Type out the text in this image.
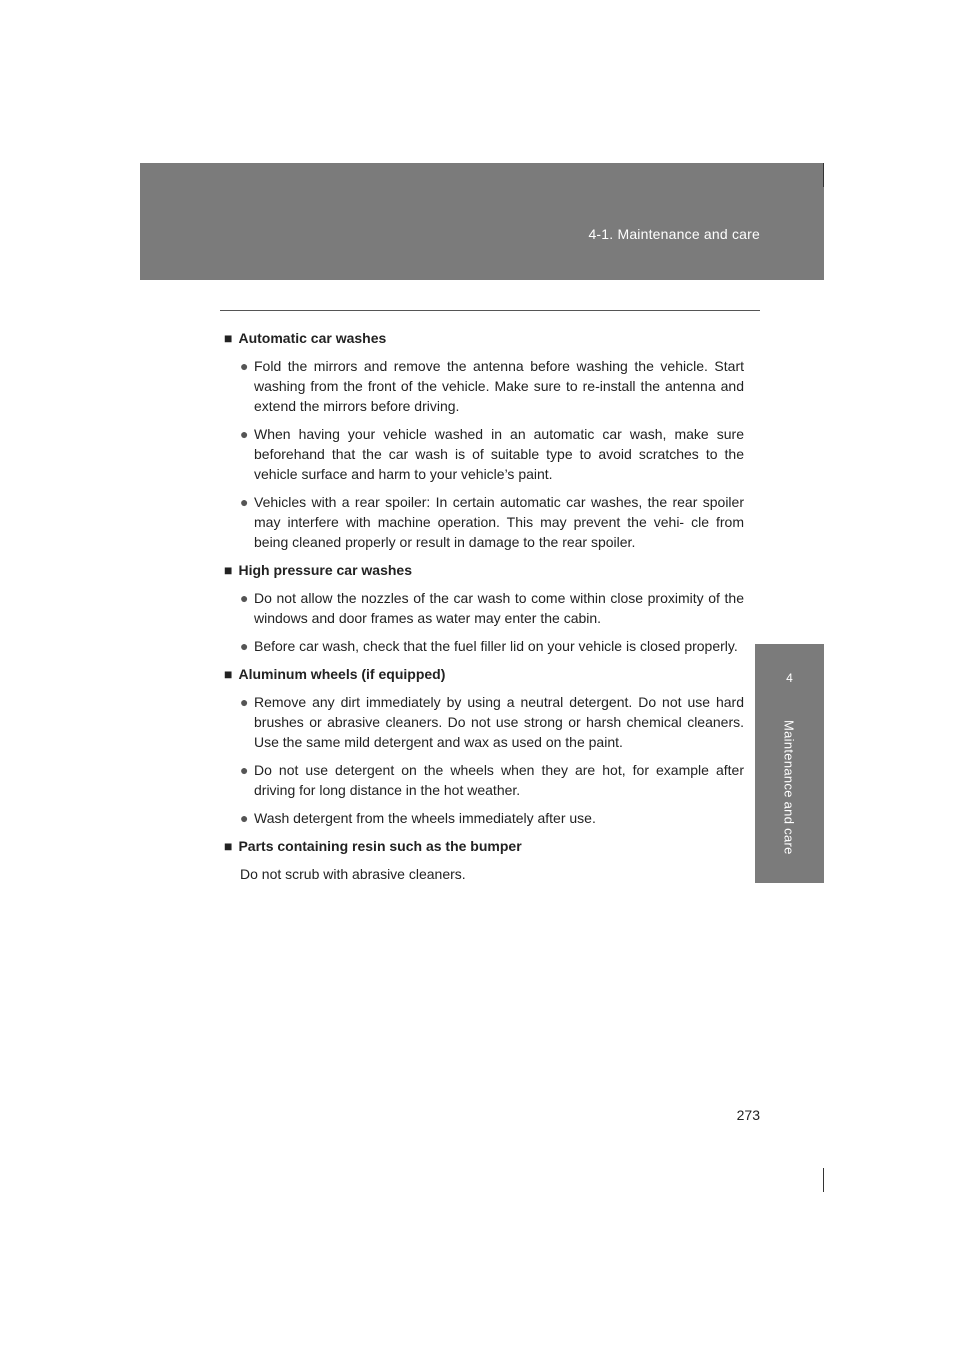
4-1. Maintenance and care
4
Maintenance and care
■ Automatic car washes
● Fold the mirrors and remove the antenna before washing the vehicle. Start washing from the front of the vehicle. Make sure to re-install the antenna and extend the mirrors before driving.
● When having your vehicle washed in an automatic car wash, make sure beforehand that the car wash is of suitable type to avoid scratches to the vehicle surface and harm to your vehicle’s paint.
● Vehicles with a rear spoiler: In certain automatic car washes, the rear spoiler may interfere with machine operation. This may prevent the vehi- cle from being cleaned properly or result in damage to the rear spoiler.
■ High pressure car washes
● Do not allow the nozzles of the car wash to come within close proximity of the windows and door frames as water may enter the cabin.
● Before car wash, check that the fuel filler lid on your vehicle is closed properly.
■ Aluminum wheels (if equipped)
● Remove any dirt immediately by using a neutral detergent. Do not use hard brushes or abrasive cleaners. Do not use strong or harsh chemical cleaners. Use the same mild detergent and wax as used on the paint.
● Do not use detergent on the wheels when they are hot, for example after driving for long distance in the hot weather.
● Wash detergent from the wheels immediately after use.
■ Parts containing resin such as the bumper
Do not scrub with abrasive cleaners.
273
